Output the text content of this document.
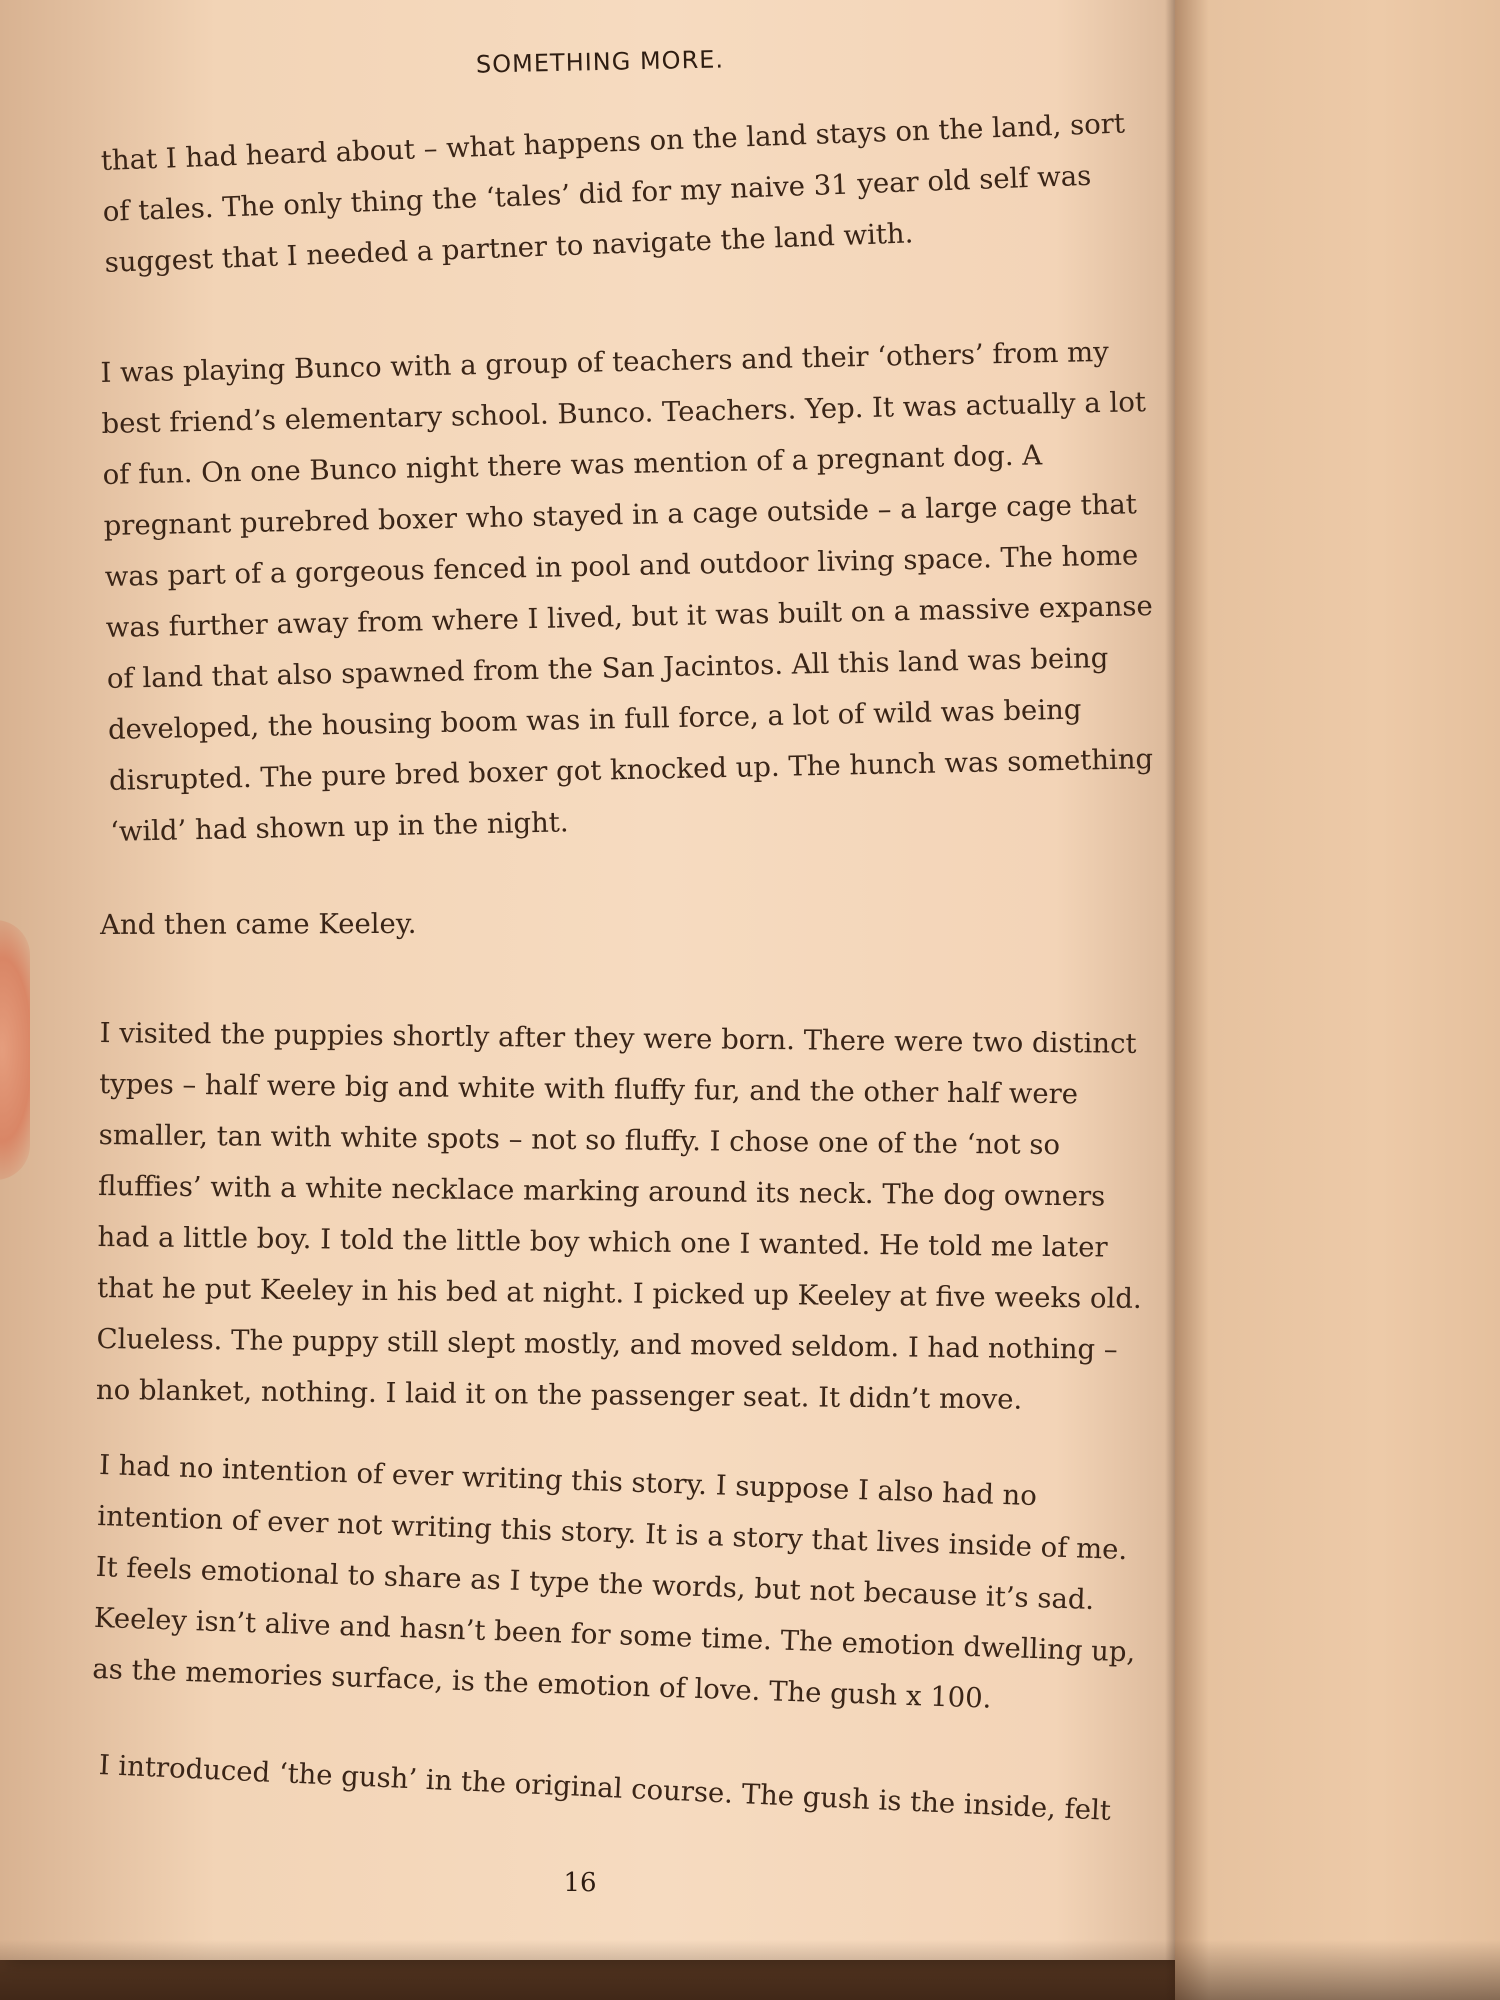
SOMETHING MORE.

that I had heard about – what happens on the land stays on the land, sort of tales. The only thing the ‘tales’ did for my naive 31 year old self was suggest that I needed a partner to navigate the land with.

I was playing Bunco with a group of teachers and their ‘others’ from my best friend’s elementary school. Bunco. Teachers. Yep. It was actually a lot of fun. On one Bunco night there was mention of a pregnant dog. A pregnant purebred boxer who stayed in a cage outside – a large cage that was part of a gorgeous fenced in pool and outdoor living space. The home was further away from where I lived, but it was built on a massive expanse of land that also spawned from the San Jacintos. All this land was being developed, the housing boom was in full force, a lot of wild was being disrupted. The pure bred boxer got knocked up. The hunch was something ‘wild’ had shown up in the night.

And then came Keeley.

I visited the puppies shortly after they were born. There were two distinct types – half were big and white with fluffy fur, and the other half were smaller, tan with white spots – not so fluffy. I chose one of the ‘not so fluffies’ with a white necklace marking around its neck. The dog owners had a little boy. I told the little boy which one I wanted. He told me later that he put Keeley in his bed at night. I picked up Keeley at five weeks old. Clueless. The puppy still slept mostly, and moved seldom. I had nothing – no blanket, nothing. I laid it on the passenger seat. It didn’t move.

I had no intention of ever writing this story. I suppose I also had no intention of ever not writing this story. It is a story that lives inside of me. It feels emotional to share as I type the words, but not because it’s sad. Keeley isn’t alive and hasn’t been for some time. The emotion dwelling up, as the memories surface, is the emotion of love. The gush x 100.

I introduced ‘the gush’ in the original course. The gush is the inside, felt

16
